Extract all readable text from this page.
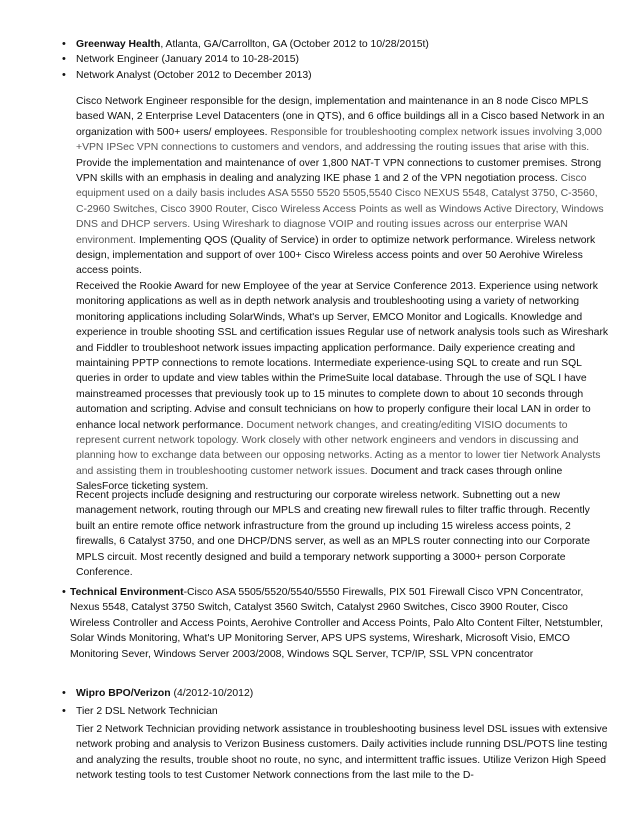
• Greenway Health, Atlanta, GA/Carrollton, GA (October 2012 to 10/28/2015t)
• Network Engineer (January 2014 to 10-28-2015)
• Network Analyst (October 2012 to December 2013)

Cisco Network Engineer responsible for the design, implementation and maintenance in an 8 node Cisco MPLS based WAN, 2 Enterprise Level Datacenters (one in QTS), and 6 office buildings all in a Cisco based Network in an organization with 500+ users/ employees. Responsible for troubleshooting complex network issues involving 3,000 +VPN IPSec VPN connections to customers and vendors, and addressing the routing issues that arise with this. Provide the implementation and maintenance of over 1,800 NAT-T VPN connections to customer premises. Strong VPN skills with an emphasis in dealing and analyzing IKE phase 1 and 2 of the VPN negotiation process. Cisco equipment used on a daily basis includes ASA 5550 5520 5505,5540 Cisco NEXUS 5548, Catalyst 3750, C-3560, C-2960 Switches, Cisco 3900 Router, Cisco Wireless Access Points as well as Windows Active Directory, Windows DNS and DHCP servers. Using Wireshark to diagnose VOIP and routing issues across our enterprise WAN environment. Implementing QOS (Quality of Service) in order to optimize network performance. Wireless network design, implementation and support of over 100+ Cisco Wireless access points and over 50 Aerohive Wireless access points.

Received the Rookie Award for new Employee of the year at Service Conference 2013. Experience using network monitoring applications as well as in depth network analysis and troubleshooting using a variety of networking monitoring applications including SolarWinds, What's up Server, EMCO Monitor and Logicalls. Knowledge and experience in trouble shooting SSL and certification issues Regular use of network analysis tools such as Wireshark and Fiddler to troubleshoot network issues impacting application performance. Daily experience creating and maintaining PPTP connections to remote locations. Intermediate experience-using SQL to create and run SQL queries in order to update and view tables within the PrimeSuite local database. Through the use of SQL I have mainstreamed processes that previously took up to 15 minutes to complete down to about 10 seconds through automation and scripting. Advise and consult technicians on how to properly configure their local LAN in order to enhance local network performance. Document network changes, and creating/editing VISIO documents to represent current network topology. Work closely with other network engineers and vendors in discussing and planning how to exchange data between our opposing networks. Acting as a mentor to lower tier Network Analysts and assisting them in troubleshooting customer network issues. Document and track cases through online SalesForce ticketing system.

Recent projects include designing and restructuring our corporate wireless network. Subnetting out a new management network, routing through our MPLS and creating new firewall rules to filter traffic through. Recently built an entire remote office network infrastructure from the ground up including 15 wireless access points, 2 firewalls, 6 Catalyst 3750, and one DHCP/DNS server, as well as an MPLS router connecting into our Corporate MPLS circuit. Most recently designed and build a temporary network supporting a 3000+ person Corporate Conference.

• Technical Environment-Cisco ASA 5505/5520/5540/5550 Firewalls, PIX 501 Firewall Cisco VPN Concentrator, Nexus 5548, Catalyst 3750 Switch, Catalyst 3560 Switch, Catalyst 2960 Switches, Cisco 3900 Router, Cisco Wireless Controller and Access Points, Aerohive Controller and Access Points, Palo Alto Content Filter, Netstumbler, Solar Winds Monitoring, What's UP Monitoring Server, APS UPS systems, Wireshark, Microsoft Visio, EMCO Monitoring Sever, Windows Server 2003/2008, Windows SQL Server, TCP/IP, SSL VPN concentrator

• Wipro BPO/Verizon (4/2012-10/2012)
• Tier 2 DSL Network Technician

Tier 2 Network Technician providing network assistance in troubleshooting business level DSL issues with extensive network probing and analysis to Verizon Business customers. Daily activities include running DSL/POTS line testing and analyzing the results, trouble shoot no route, no sync, and intermittent traffic issues. Utilize Verizon High Speed network testing tools to test Customer Network connections from the last mile to the D-
